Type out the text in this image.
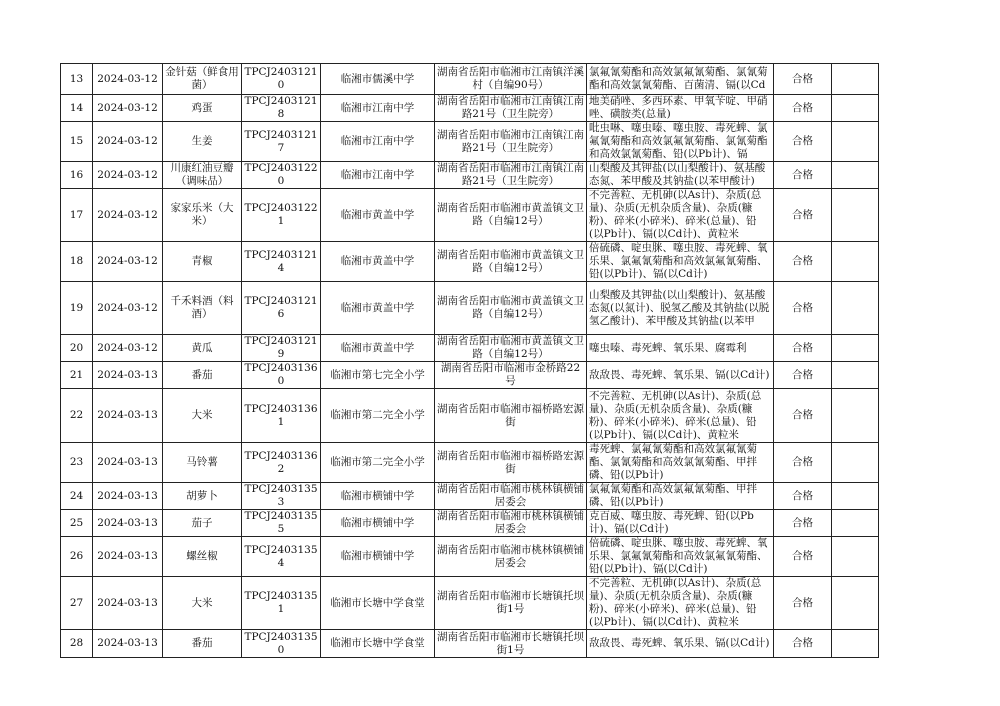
13	2024-03-12	金针菇（鲜食用菌）	TPCJ24031210	临湘市儒溪中学	湖南省岳阳市临湘市江南镇洋溪村（自编90号）	氯氟氰菊酯和高效氯氟氰菊酯、氯氰菊酯和高效氯氰菊酯、百菌清、镉(以Cd	合格	
14	2024-03-12	鸡蛋	TPCJ24031218	临湘市江南中学	湖南省岳阳市临湘市江南镇江南路21号（卫生院旁）	地美硝唑、多西环素、甲氧苄啶、甲硝唑、磺胺类(总量)	合格	
15	2024-03-12	生姜	TPCJ24031217	临湘市江南中学	湖南省岳阳市临湘市江南镇江南路21号（卫生院旁）	吡虫啉、噻虫嗪、噻虫胺、毒死蜱、氯氟氰菊酯和高效氯氟氰菊酯、氯氰菊酯和高效氯氰菊酯、铅(以Pb计)、镉	合格	
16	2024-03-12	川康红油豆瓣（调味品）	TPCJ24031220	临湘市江南中学	湖南省岳阳市临湘市江南镇江南路21号（卫生院旁）	山梨酸及其钾盐(以山梨酸计)、氨基酸态氮、苯甲酸及其钠盐(以苯甲酸计)	合格	
17	2024-03-12	家家乐米（大米）	TPCJ24031221	临湘市黄盖中学	湖南省岳阳市临湘市黄盖镇文卫路（自编12号）	不完善粒、无机砷(以As计)、杂质(总量)、杂质(无机杂质含量)、杂质(糠粉)、碎米(小碎米)、碎米(总量)、铅(以Pb计)、镉(以Cd计)、黄粒米	合格	
18	2024-03-12	青椒	TPCJ24031214	临湘市黄盖中学	湖南省岳阳市临湘市黄盖镇文卫路（自编12号）	倍硫磷、啶虫脒、噻虫胺、毒死蜱、氧乐果、氯氟氰菊酯和高效氯氟氰菊酯、铅(以Pb计)、镉(以Cd计)	合格	
19	2024-03-12	千禾料酒（料酒）	TPCJ24031216	临湘市黄盖中学	湖南省岳阳市临湘市黄盖镇文卫路（自编12号）	山梨酸及其钾盐(以山梨酸计)、氨基酸态氮(以氮计)、脱氢乙酸及其钠盐(以脱氢乙酸计)、苯甲酸及其钠盐(以苯甲	合格	
20	2024-03-12	黄瓜	TPCJ24031219	临湘市黄盖中学	湖南省岳阳市临湘市黄盖镇文卫路（自编12号）	噻虫嗪、毒死蜱、氧乐果、腐霉利	合格	
21	2024-03-13	番茄	TPCJ24031360	临湘市第七完全小学	湖南省岳阳市临湘市金桥路22号	敌敌畏、毒死蜱、氧乐果、镉(以Cd计)	合格	
22	2024-03-13	大米	TPCJ24031361	临湘市第二完全小学	湖南省岳阳市临湘市福桥路宏源街	不完善粒、无机砷(以As计)、杂质(总量)、杂质(无机杂质含量)、杂质(糠粉)、碎米(小碎米)、碎米(总量)、铅(以Pb计)、镉(以Cd计)、黄粒米	合格	
23	2024-03-13	马铃薯	TPCJ24031362	临湘市第二完全小学	湖南省岳阳市临湘市福桥路宏源街	毒死蜱、氯氟氰菊酯和高效氯氟氰菊酯、氯氰菊酯和高效氯氰菊酯、甲拌磷、铅(以Pb计)	合格	
24	2024-03-13	胡萝卜	TPCJ24031353	临湘市横铺中学	湖南省岳阳市临湘市桃林镇横铺居委会	氯氟氰菊酯和高效氯氟氰菊酯、甲拌磷、铅(以Pb计)	合格	
25	2024-03-13	茄子	TPCJ24031355	临湘市横铺中学	湖南省岳阳市临湘市桃林镇横铺居委会	克百威、噻虫胺、毒死蜱、铅(以Pb计)、镉(以Cd计)	合格	
26	2024-03-13	螺丝椒	TPCJ24031354	临湘市横铺中学	湖南省岳阳市临湘市桃林镇横铺居委会	倍硫磷、啶虫脒、噻虫胺、毒死蜱、氧乐果、氯氟氰菊酯和高效氯氟氰菊酯、铅(以Pb计)、镉(以Cd计)	合格	
27	2024-03-13	大米	TPCJ24031351	临湘市长塘中学食堂	湖南省岳阳市临湘市长塘镇托坝街1号	不完善粒、无机砷(以As计)、杂质(总量)、杂质(无机杂质含量)、杂质(糠粉)、碎米(小碎米)、碎米(总量)、铅(以Pb计)、镉(以Cd计)、黄粒米	合格	
28	2024-03-13	番茄	TPCJ24031350	临湘市长塘中学食堂	湖南省岳阳市临湘市长塘镇托坝街1号	敌敌畏、毒死蜱、氧乐果、镉(以Cd计)	合格	
